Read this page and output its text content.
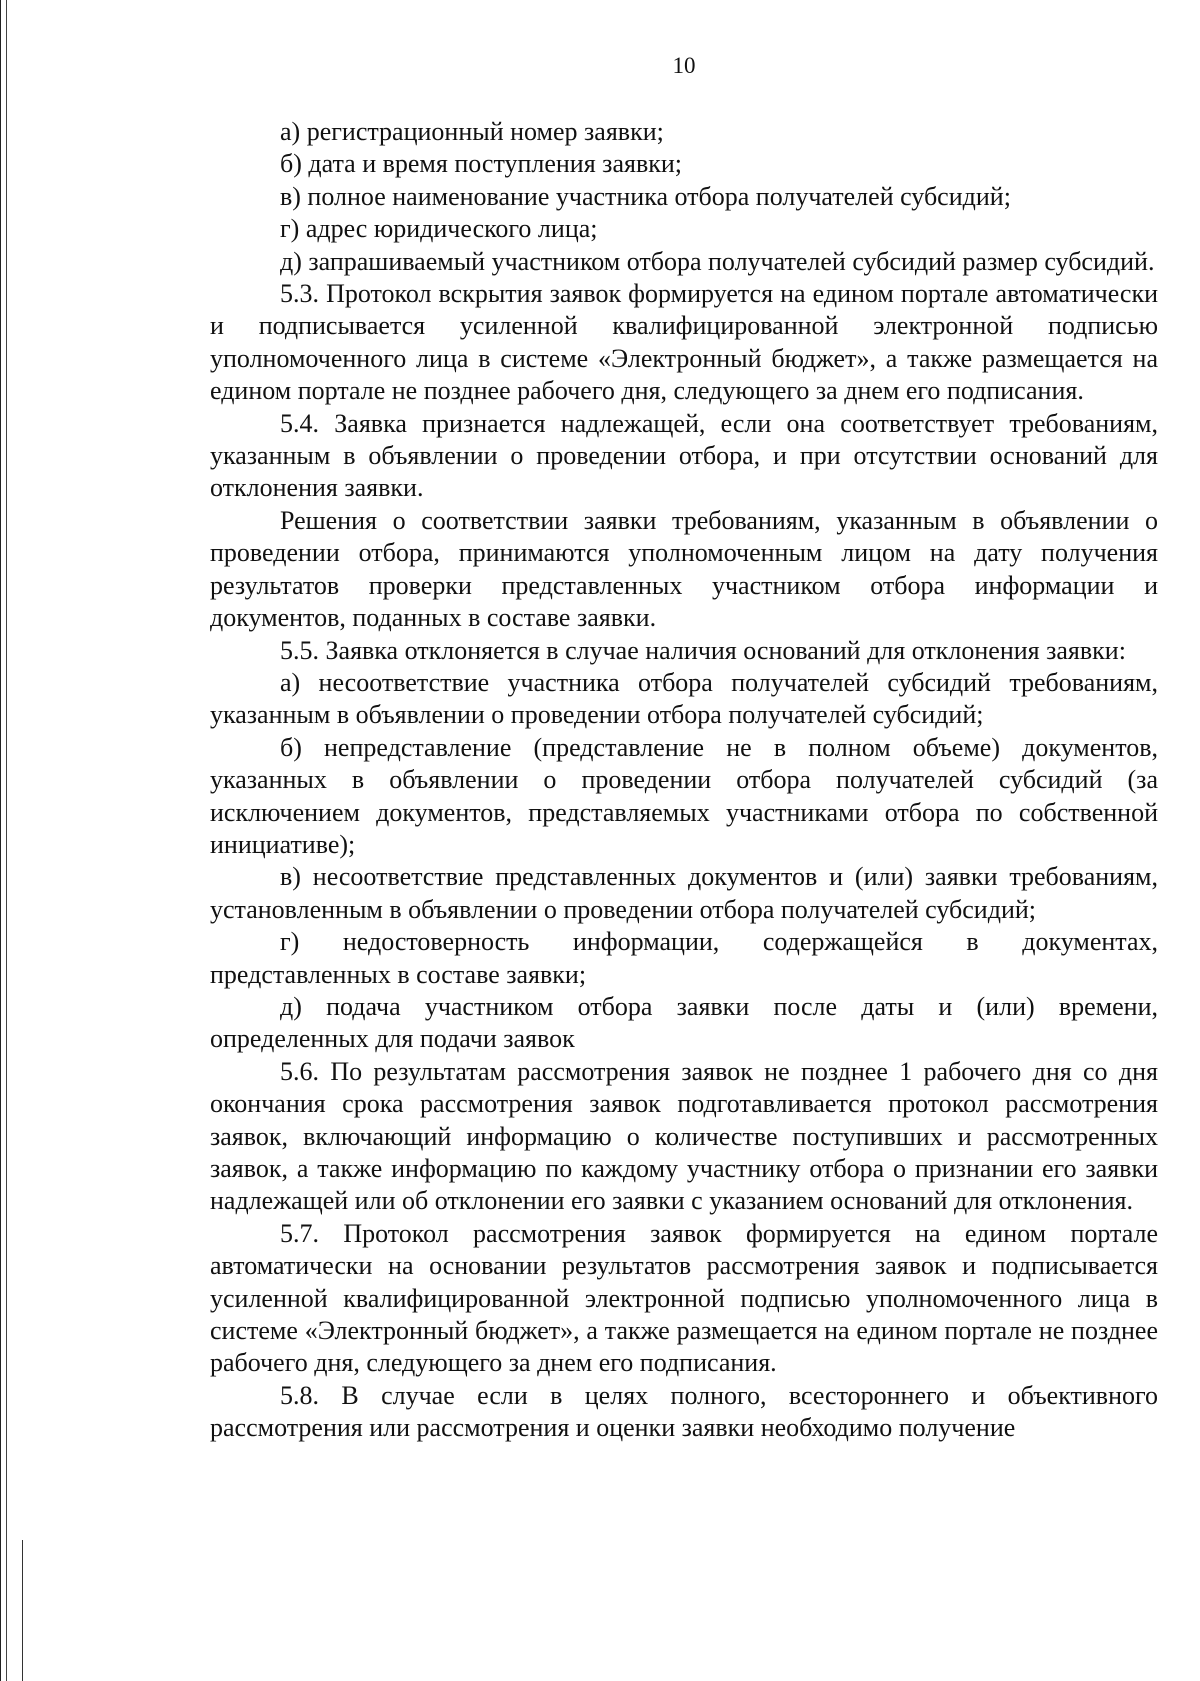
10

а) регистрационный номер заявки;

б) дата и время поступления заявки;

в) полное наименование участника отбора получателей субсидий;

г) адрес юридического лица;

д) запрашиваемый участником отбора получателей субсидий размер субсидий.

5.3. Протокол вскрытия заявок формируется на едином портале автоматически и подписывается усиленной квалифицированной электронной подписью уполномоченного лица в системе «Электронный бюджет», а также размещается на едином портале не позднее рабочего дня, следующего за днем его подписания.

5.4. Заявка признается надлежащей, если она соответствует требованиям, указанным в объявлении о проведении отбора, и при отсутствии оснований для отклонения заявки.

Решения о соответствии заявки требованиям, указанным в объявлении о проведении отбора, принимаются уполномоченным лицом на дату получения результатов проверки представленных участником отбора информации и документов, поданных в составе заявки.

5.5. Заявка отклоняется в случае наличия оснований для отклонения заявки:

а) несоответствие участника отбора получателей субсидий требованиям, указанным в объявлении о проведении отбора получателей субсидий;

б) непредставление (представление не в полном объеме) документов, указанных в объявлении о проведении отбора получателей субсидий (за исключением документов, представляемых участниками отбора по собственной инициативе);

в) несоответствие представленных документов и (или) заявки требованиям, установленным в объявлении о проведении отбора получателей субсидий;

г) недостоверность информации, содержащейся в документах, представленных в составе заявки;

д) подача участником отбора заявки после даты и (или) времени, определенных для подачи заявок

5.6. По результатам рассмотрения заявок не позднее 1 рабочего дня со дня окончания срока рассмотрения заявок подготавливается протокол рассмотрения заявок, включающий информацию о количестве поступивших и рассмотренных заявок, а также информацию по каждому участнику отбора о признании его заявки надлежащей или об отклонении его заявки с указанием оснований для отклонения.

5.7. Протокол рассмотрения заявок формируется на едином портале автоматически на основании результатов рассмотрения заявок и подписывается усиленной квалифицированной электронной подписью уполномоченного лица в системе «Электронный бюджет», а также размещается на едином портале не позднее рабочего дня, следующего за днем его подписания.

5.8. В случае если в целях полного, всестороннего и объективного рассмотрения или рассмотрения и оценки заявки необходимо получение
